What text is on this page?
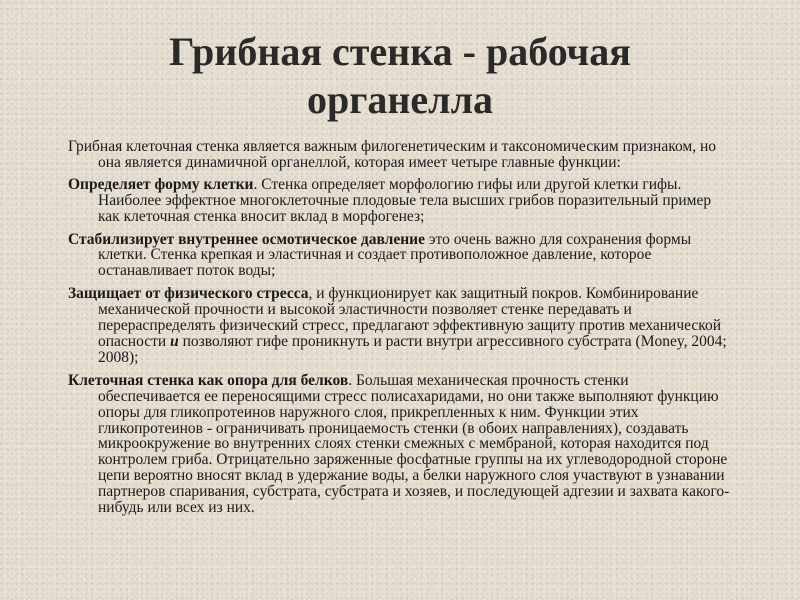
Грибная стенка - рабочая
органелла

Грибная клеточная стенка является важным филогенетическим и таксономическим признаком, но она является динамичной органеллой, которая имеет четыре главные функции:

Определяет форму клетки. Стенка определяет морфологию гифы или другой клетки гифы. Наиболее эффектное многоклеточные плодовые тела высших грибов поразительный пример как клеточная стенка вносит вклад в морфогенез;

Стабилизирует внутреннее осмотическое давление это очень важно для сохранения формы клетки. Стенка крепкая и эластичная и создает противоположное давление, которое останавливает поток воды;

Защищает от физического стресса, и функционирует как защитный покров. Комбинирование механической прочности и высокой эластичности позволяет стенке передавать и перераспределять физический стресс, предлагают эффективную защиту против механической опасности и позволяют гифе проникнуть и расти внутри агрессивного субстрата (Money, 2004; 2008);

Клеточная стенка как опора для белков. Большая механическая прочность стенки обеспечивается ее переносящими стресс полисахаридами, но они также выполняют функцию опоры для гликопротеинов наружного слоя, прикрепленных к ним. Функции этих гликопротеинов - ограничивать проницаемость стенки (в обоих направлениях), создавать микроокружение во внутренних слоях стенки смежных с мембраной, которая находится под контролем гриба. Отрицательно заряженные фосфатные группы на их углеводородной стороне цепи вероятно вносят вклад в удержание воды, а белки наружного слоя участвуют в узнавании партнеров спаривания, субстрата, субстрата и хозяев, и последующей адгезии и захвата какого-нибудь или всех из них.
